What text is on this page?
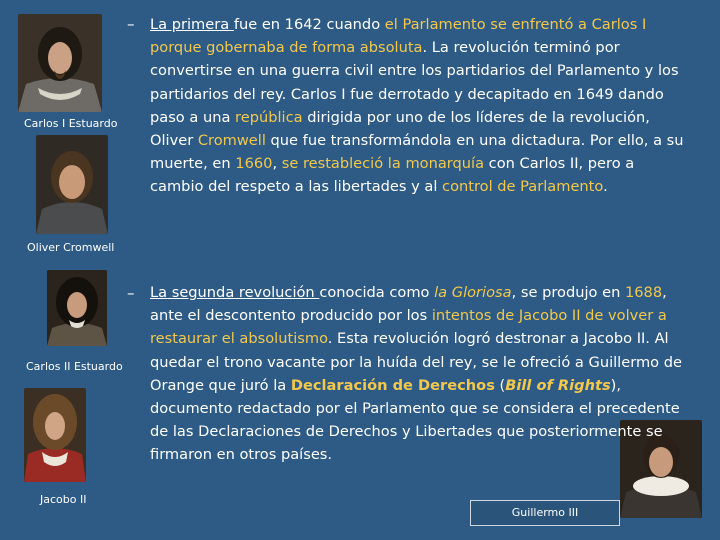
Carlos I Estuardo
Oliver Cromwell
Carlos II Estuardo
Jacobo II
Guillermo III
– La primera fue en 1642 cuando el Parlamento se enfrentó a Carlos I porque gobernaba de forma absoluta. La revolución terminó por convertirse en una guerra civil entre los partidarios del Parlamento y los partidarios del rey. Carlos I fue derrotado y decapitado en 1649 dando paso a una república dirigida por uno de los líderes de la revolución, Oliver Cromwell que fue transformándola en una dictadura. Por ello, a su muerte, en 1660, se restableció la monarquía con Carlos II, pero a cambio del respeto a las libertades y al control de Parlamento.
– La segunda revolución conocida como la Gloriosa, se produjo en 1688, ante el descontento producido por los intentos de Jacobo II de volver a restaurar el absolutismo. Esta revolución logró destronar a Jacobo II. Al quedar el trono vacante por la huída del rey, se le ofreció a Guillermo de Orange que juró la Declaración de Derechos (Bill of Rights), documento redactado por el Parlamento que se considera el precedente de las Declaraciones de Derechos y Libertades que posteriormente se firmaron en otros países.
